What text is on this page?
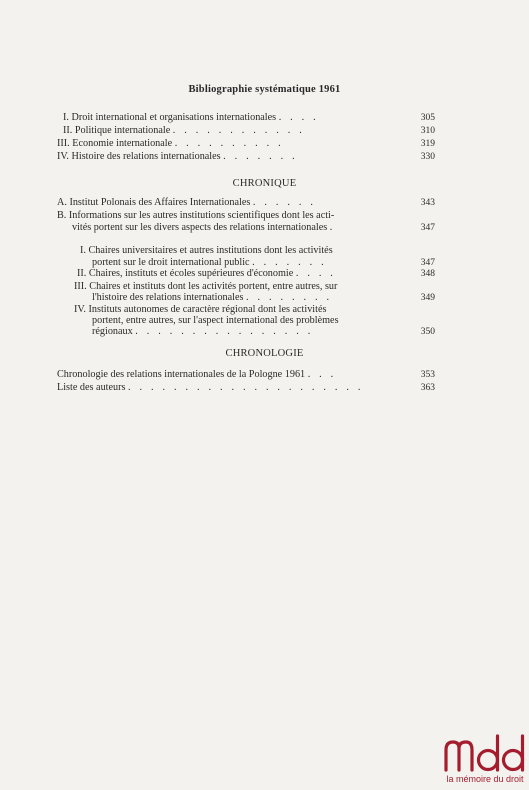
Bibliographie systématique 1961
I. Droit international et organisations internationales . . . .	305
II. Politique internationale . . . . . . . . . . . .	310
III. Economie internationale . . . . . . . . . .	319
IV. Histoire des relations internationales . . . . . . .	330
CHRONIQUE
A. Institut Polonais des Affaires Internationales . . . . . .	343
B. Informations sur les autres institutions scientifiques dont les acti-
vités portent sur les divers aspects des relations internationales .	347
I. Chaires universitaires et autres institutions dont les activités
portent sur le droit international public . . . . . . .	347
II. Chaires, instituts et écoles supérieures d'économie . . . .	348
III. Chaires et instituts dont les activités portent, entre autres, sur
l'histoire des relations internationales . . . . . . . .	349
IV. Instituts autonomes de caractère régional dont les activités
portent, entre autres, sur l'aspect international des problèmes
régionaux . . . . . . . . . . . . . . . .	350
CHRONOLOGIE
Chronologie des relations internationales de la Pologne 1961 . . .	353
Liste des auteurs . . . . . . . . . . . . . . . . . . . . .	363
la mémoire du droit
